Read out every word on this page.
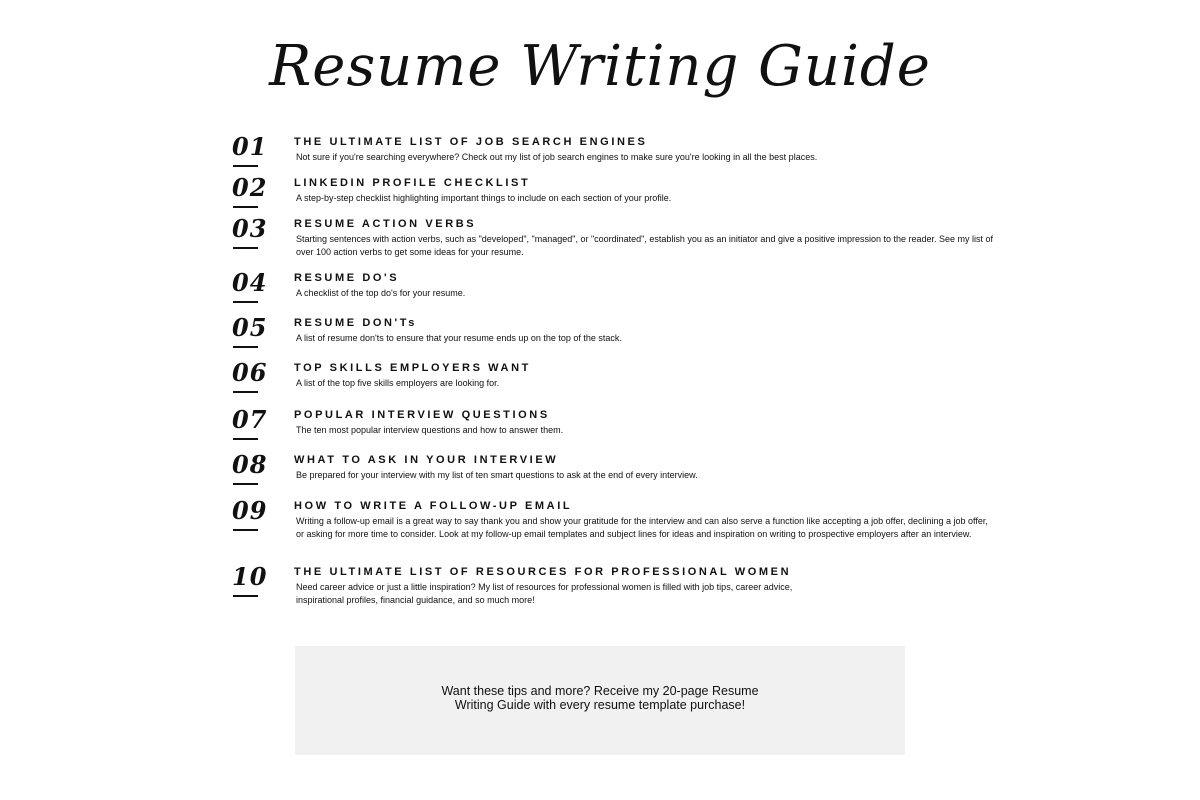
Resume Writing Guide
01 THE ULTIMATE LIST OF JOB SEARCH ENGINES
Not sure if you're searching everywhere? Check out my list of job search engines to make sure you're looking in all the best places.
02 LINKEDIN PROFILE CHECKLIST
A step-by-step checklist highlighting important things to include on each section of your profile.
03 RESUME ACTION VERBS
Starting sentences with action verbs, such as "developed", "managed", or "coordinated", establish you as an initiator and give a positive impression to the reader. See my list of over 100 action verbs to get some ideas for your resume.
04 RESUME DO'S
A checklist of the top do's for your resume.
05 RESUME DON'Ts
A list of resume don'ts to ensure that your resume ends up on the top of the stack.
06 TOP SKILLS EMPLOYERS WANT
A list of the top five skills employers are looking for.
07 POPULAR INTERVIEW QUESTIONS
The ten most popular interview questions and how to answer them.
08 WHAT TO ASK IN YOUR INTERVIEW
Be prepared for your interview with my list of ten smart questions to ask at the end of every interview.
09 HOW TO WRITE A FOLLOW-UP EMAIL
Writing a follow-up email is a great way to say thank you and show your gratitude for the interview and can also serve a function like accepting a job offer, declining a job offer, or asking for more time to consider. Look at my follow-up email templates and subject lines for ideas and inspiration on writing to prospective employers after an interview.
10 THE ULTIMATE LIST OF RESOURCES FOR PROFESSIONAL WOMEN
Need career advice or just a little inspiration? My list of resources for professional women is filled with job tips, career advice, inspirational profiles, financial guidance, and so much more!
Want these tips and more? Receive my 20-page Resume
Writing Guide with every resume template purchase!
